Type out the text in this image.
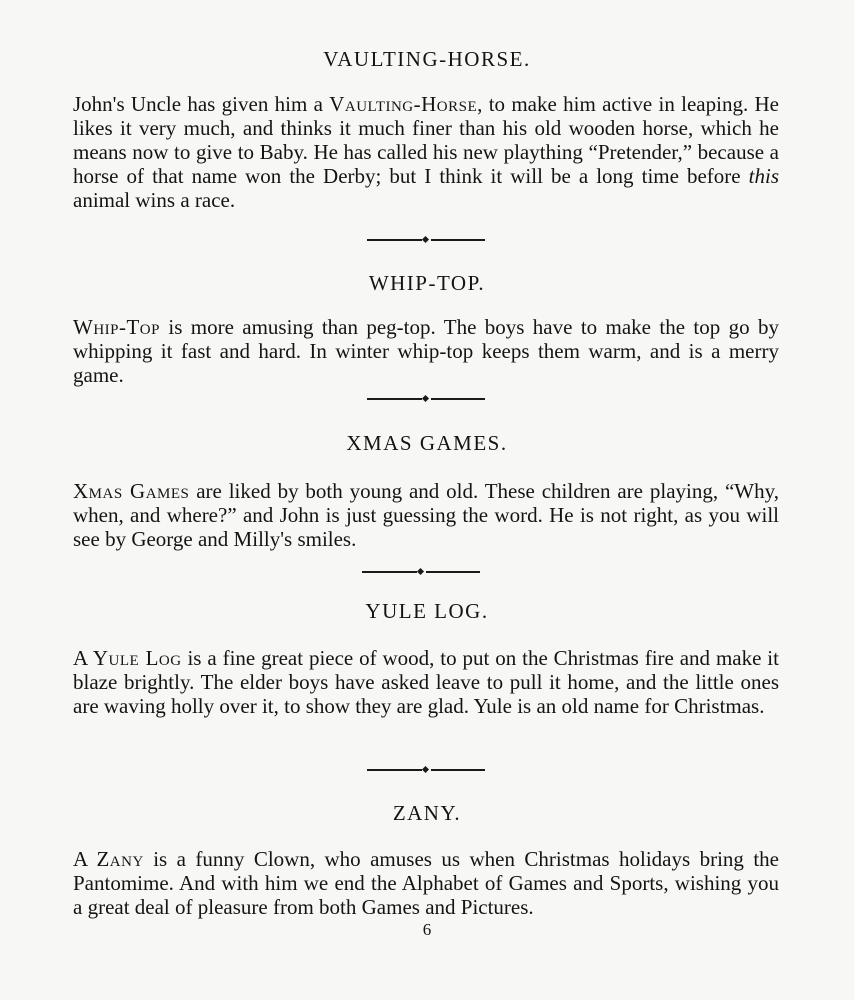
VAULTING-HORSE.

John's Uncle has given him a Vaulting-Horse, to make him active in leaping. He likes it very much, and thinks it much finer than his old wooden horse, which he means now to give to Baby. He has called his new plaything “Pretender,” because a horse of that name won the Derby; but I think it will be a long time before this animal wins a race.

WHIP-TOP.

Whip-Top is more amusing than peg-top. The boys have to make the top go by whipping it fast and hard. In winter whip-top keeps them warm, and is a merry game.

XMAS GAMES.

Xmas Games are liked by both young and old. These children are playing, “Why, when, and where?” and John is just guessing the word. He is not right, as you will see by George and Milly's smiles.

YULE LOG.

A Yule Log is a fine great piece of wood, to put on the Christmas fire and make it blaze brightly. The elder boys have asked leave to pull it home, and the little ones are waving holly over it, to show they are glad. Yule is an old name for Christmas.

ZANY.

A Zany is a funny Clown, who amuses us when Christmas holidays bring the Pantomime. And with him we end the Alphabet of Games and Sports, wishing you a great deal of pleasure from both Games and Pictures.

6
